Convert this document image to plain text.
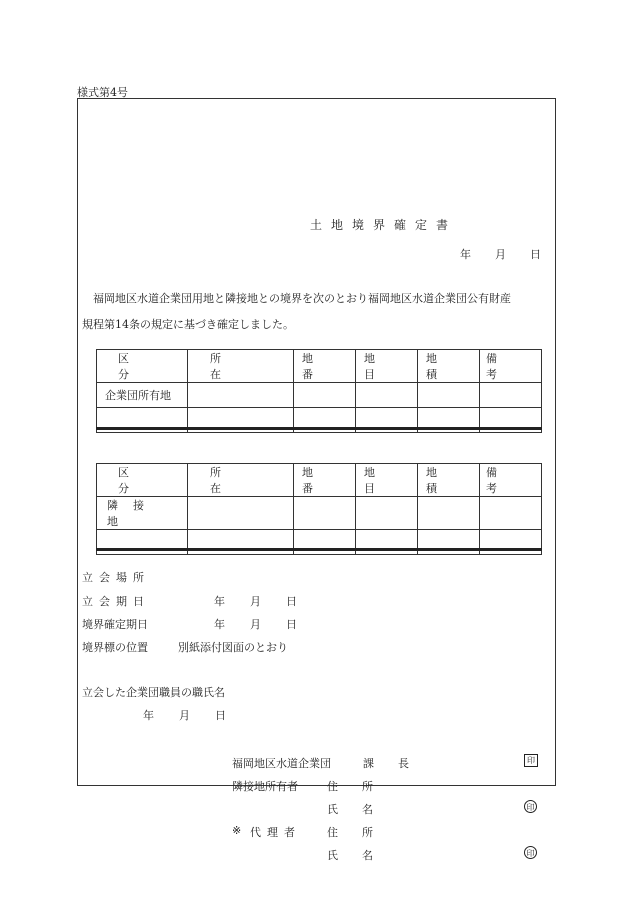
様式第4号
土地境界確定書
年 月 日
福岡地区水道企業団用地と隣接地との境界を次のとおり福岡地区水道企業団公有財産
規程第14条の規定に基づき確定しました。
区分	所在	地番	地目	地積	備考
企業団所有地					

区分	所在	地番	地目	地積	備考
隣接地					

立会場所
立会期日	年 月 日
境界確定期日	年 月 日
境界標の位置	別紙添付図面のとおり
立会した企業団職員の職氏名
年 月 日
福岡地区水道企業団	課長	印
隣接地所有者	住所
氏名	印
※ 代理者 住所
氏名	印
